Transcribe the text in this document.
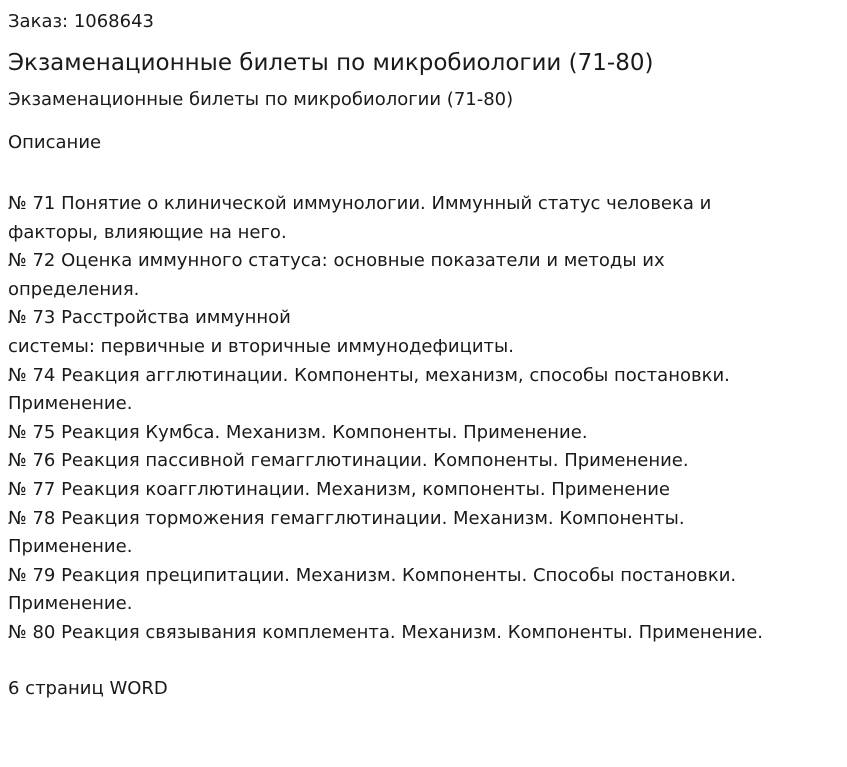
Заказ: 1068643
Экзаменационные билеты по микробиологии (71-80)
Экзаменационные билеты по микробиологии (71-80)
Описание
№ 71 Понятие о клинической иммунологии. Иммунный статус человека и
факторы, влияющие на него.
№ 72 Оценка иммунного статуса: основные показатели и методы их
определения.
№ 73 Расстройства иммунной
системы: первичные и вторичные иммунодефициты.
№ 74 Реакция агглютинации. Компоненты, механизм, способы постановки.
Применение.
№ 75 Реакция Кумбса. Механизм. Компоненты. Применение.
№ 76 Реакция пассивной гемагглютинации. Компоненты. Применение.
№ 77 Реакция коагглютинации. Механизм, компоненты. Применение
№ 78 Реакция торможения гемагглютинации. Механизм. Компоненты.
Применение.
№ 79 Реакция преципитации. Механизм. Компоненты. Способы постановки.
Применение.
№ 80 Реакция связывания комплемента. Механизм. Компоненты. Применение.
6 страниц WORD
